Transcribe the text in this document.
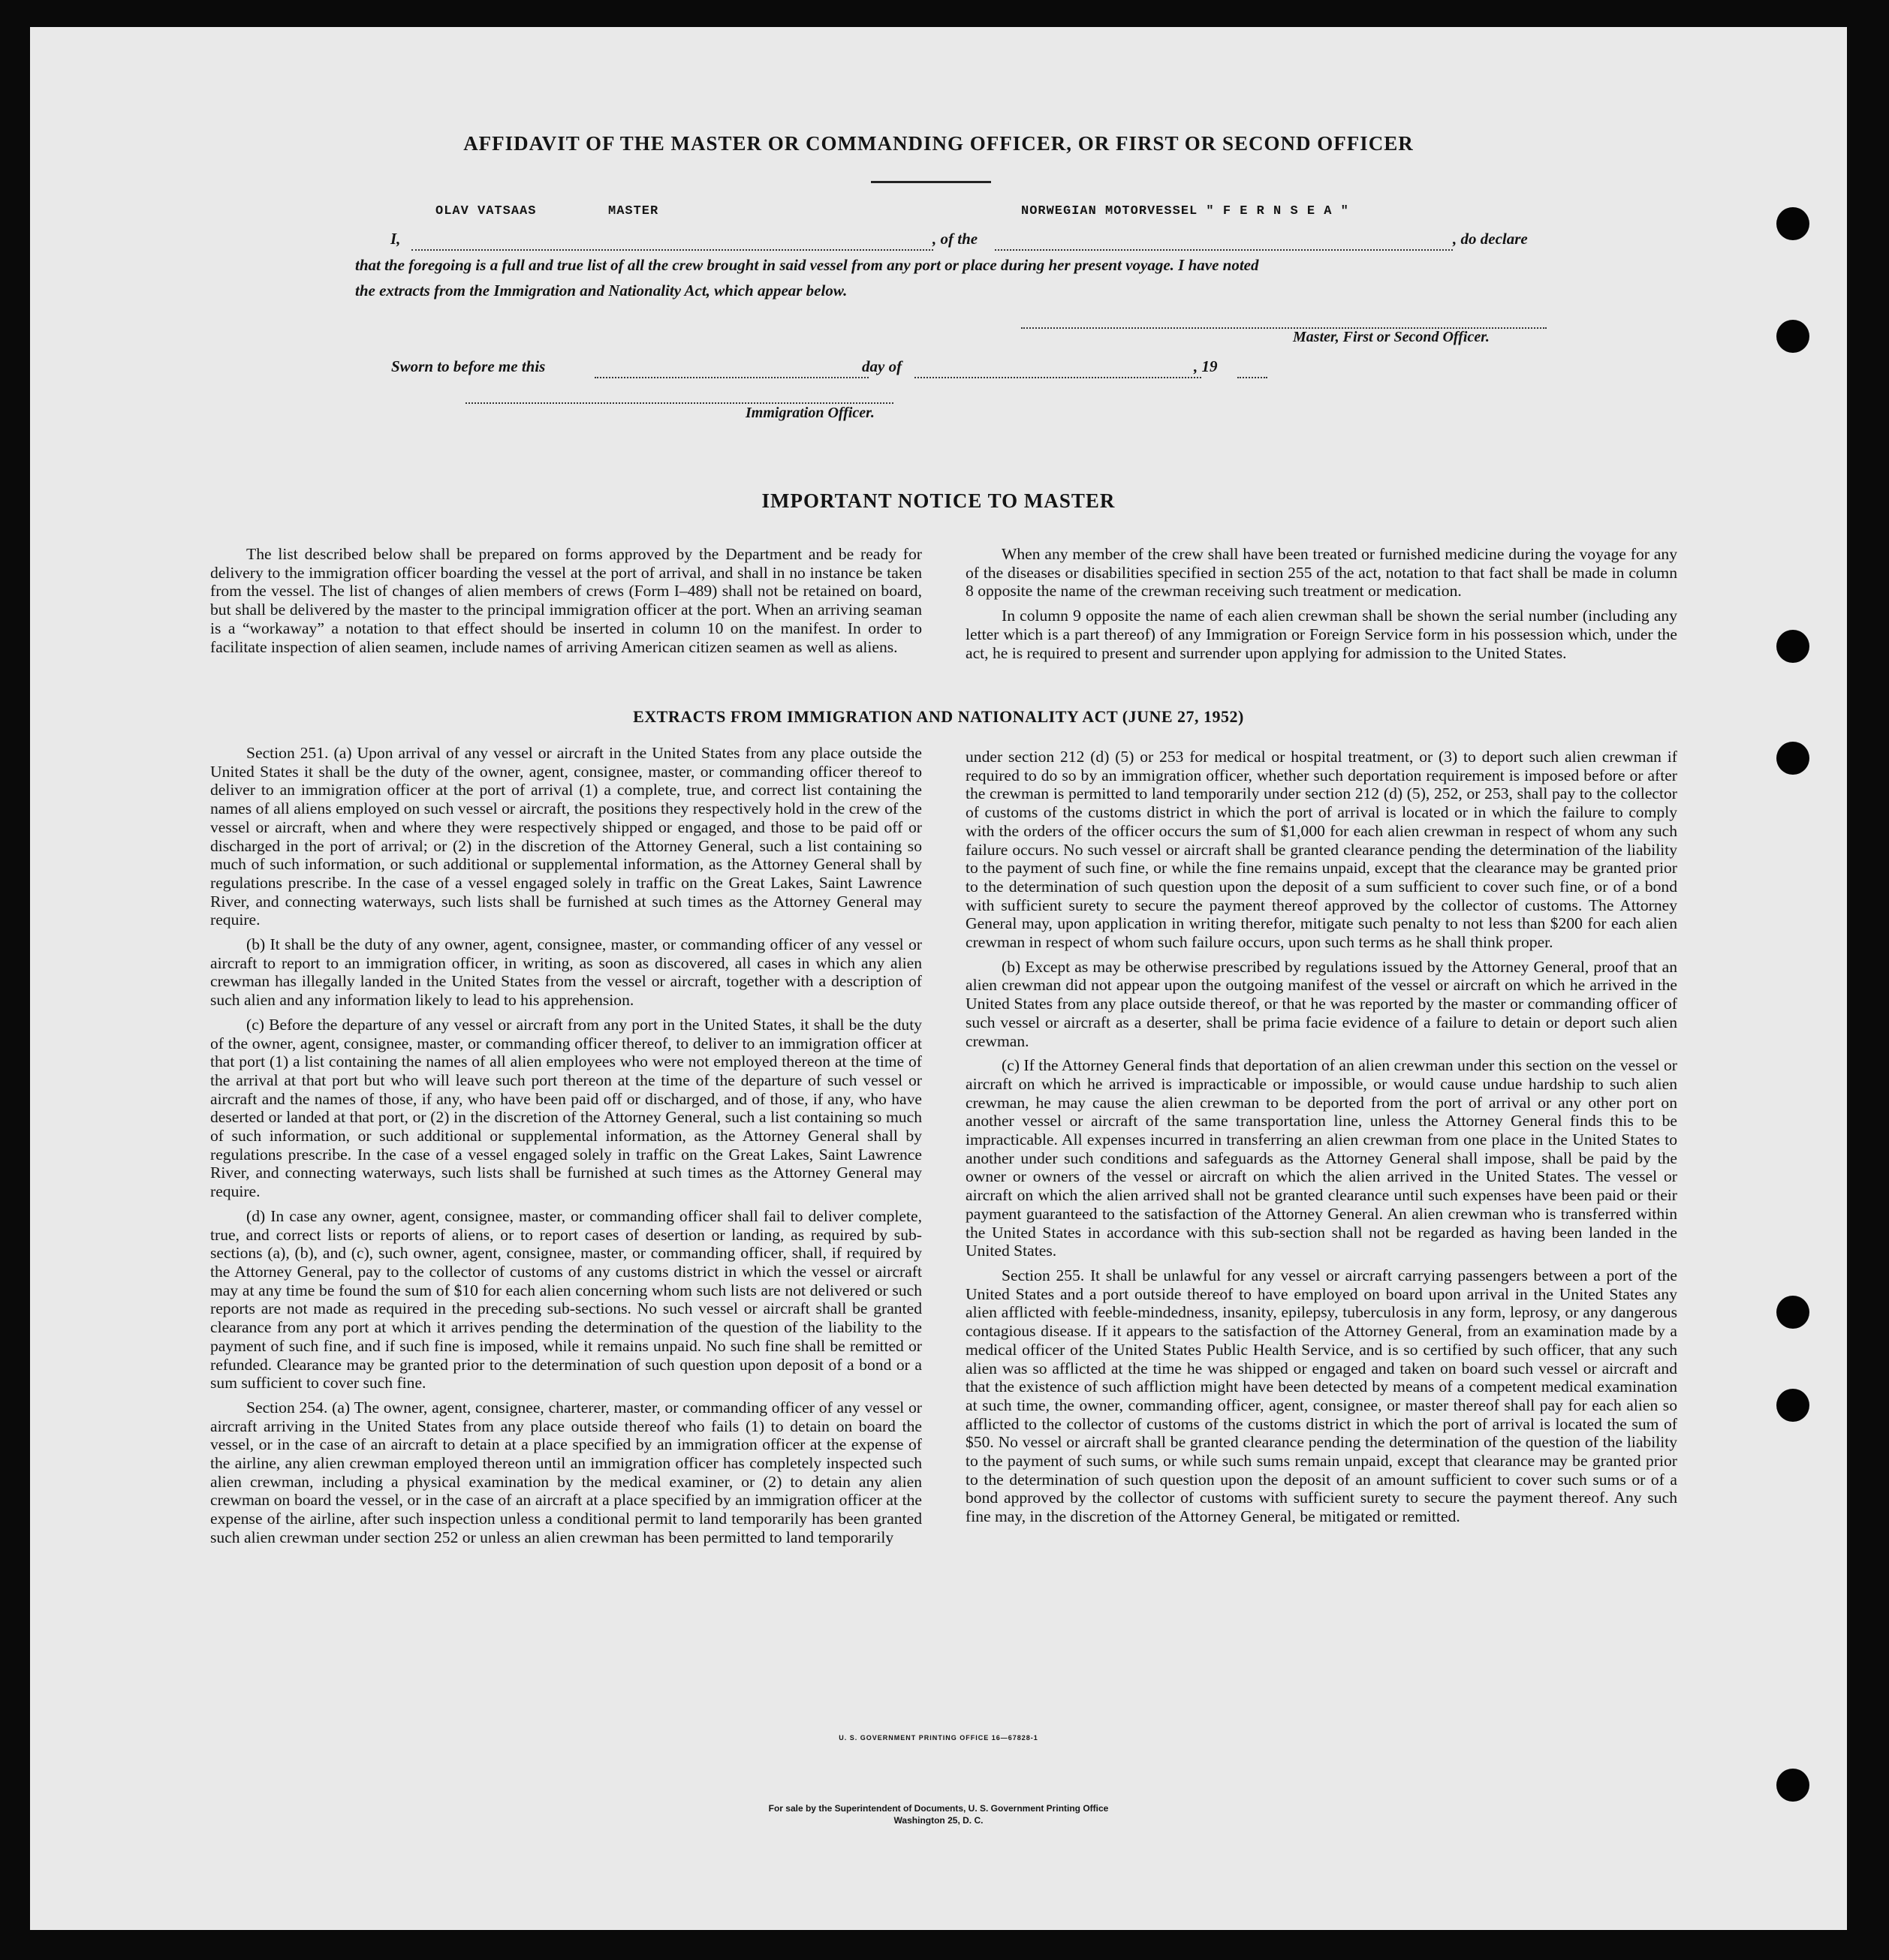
AFFIDAVIT OF THE MASTER OR COMMANDING OFFICER, OR FIRST OR SECOND OFFICER
I,
OLAV VATSAAS	MASTER
, of the
NORWEGIAN MOTORVESSEL " F E R N S E A "
, do declare
that the foregoing is a full and true list of all the crew brought in said vessel from any port or place during her present voyage. I have noted
the extracts from the Immigration and Nationality Act, which appear below.
Master, First or Second Officer.
Sworn to before me this	day of	, 19
Immigration Officer.
IMPORTANT NOTICE TO MASTER

The list described below shall be prepared on forms approved by the Department and be ready for delivery to the immigration officer boarding the vessel at the port of arrival, and shall in no instance be taken from the vessel. The list of changes of alien members of crews (Form I–489) shall not be retained on board, but shall be delivered by the master to the principal immigration officer at the port. When an arriving seaman is a “workaway” a notation to that effect should be inserted in column 10 on the manifest. In order to facilitate inspection of alien seamen, include names of arriving American citizen seamen as well as aliens.

When any member of the crew shall have been treated or furnished medicine during the voyage for any of the diseases or disabilities specified in section 255 of the act, notation to that fact shall be made in column 8 opposite the name of the crewman receiving such treatment or medication.

In column 9 opposite the name of each alien crewman shall be shown the serial number (including any letter which is a part thereof) of any Immigration or Foreign Service form in his possession which, under the act, he is required to present and surrender upon applying for admission to the United States.

EXTRACTS FROM IMMIGRATION AND NATIONALITY ACT (JUNE 27, 1952)

Section 251. (a) Upon arrival of any vessel or aircraft in the United States from any place outside the United States it shall be the duty of the owner, agent, consignee, master, or commanding officer thereof to deliver to an immigration officer at the port of arrival (1) a complete, true, and correct list containing the names of all aliens employed on such vessel or aircraft, the positions they respectively hold in the crew of the vessel or aircraft, when and where they were respectively shipped or engaged, and those to be paid off or discharged in the port of arrival; or (2) in the discretion of the Attorney General, such a list containing so much of such information, or such additional or supplemental information, as the Attorney General shall by regulations prescribe. In the case of a vessel engaged solely in traffic on the Great Lakes, Saint Lawrence River, and connecting waterways, such lists shall be furnished at such times as the Attorney General may require.

(b) It shall be the duty of any owner, agent, consignee, master, or commanding officer of any vessel or aircraft to report to an immigration officer, in writing, as soon as discovered, all cases in which any alien crewman has illegally landed in the United States from the vessel or aircraft, together with a description of such alien and any information likely to lead to his apprehension.

(c) Before the departure of any vessel or aircraft from any port in the United States, it shall be the duty of the owner, agent, consignee, master, or commanding officer thereof, to deliver to an immigration officer at that port (1) a list containing the names of all alien employees who were not employed thereon at the time of the arrival at that port but who will leave such port thereon at the time of the departure of such vessel or aircraft and the names of those, if any, who have been paid off or discharged, and of those, if any, who have deserted or landed at that port, or (2) in the discretion of the Attorney General, such a list containing so much of such information, or such additional or supplemental information, as the Attorney General shall by regulations prescribe. In the case of a vessel engaged solely in traffic on the Great Lakes, Saint Lawrence River, and connecting waterways, such lists shall be furnished at such times as the Attorney General may require.

(d) In case any owner, agent, consignee, master, or commanding officer shall fail to deliver complete, true, and correct lists or reports of aliens, or to report cases of desertion or landing, as required by sub-sections (a), (b), and (c), such owner, agent, consignee, master, or commanding officer, shall, if required by the Attorney General, pay to the collector of customs of any customs district in which the vessel or aircraft may at any time be found the sum of $10 for each alien concerning whom such lists are not delivered or such reports are not made as required in the preceding sub-sections. No such vessel or aircraft shall be granted clearance from any port at which it arrives pending the determination of the question of the liability to the payment of such fine, and if such fine is imposed, while it remains unpaid. No such fine shall be remitted or refunded. Clearance may be granted prior to the determination of such question upon deposit of a bond or a sum sufficient to cover such fine.

Section 254. (a) The owner, agent, consignee, charterer, master, or commanding officer of any vessel or aircraft arriving in the United States from any place outside thereof who fails (1) to detain on board the vessel, or in the case of an aircraft to detain at a place specified by an immigration officer at the expense of the airline, any alien crewman employed thereon until an immigration officer has completely inspected such alien crewman, including a physical examination by the medical examiner, or (2) to detain any alien crewman on board the vessel, or in the case of an aircraft at a place specified by an immigration officer at the expense of the airline, after such inspection unless a conditional permit to land temporarily has been granted such alien crewman under section 252 or unless an alien crewman has been permitted to land temporarily

under section 212 (d) (5) or 253 for medical or hospital treatment, or (3) to deport such alien crewman if required to do so by an immigration officer, whether such deportation requirement is imposed before or after the crewman is permitted to land temporarily under section 212 (d) (5), 252, or 253, shall pay to the collector of customs of the customs district in which the port of arrival is located or in which the failure to comply with the orders of the officer occurs the sum of $1,000 for each alien crewman in respect of whom any such failure occurs. No such vessel or aircraft shall be granted clearance pending the determination of the liability to the payment of such fine, or while the fine remains unpaid, except that the clearance may be granted prior to the determination of such question upon the deposit of a sum sufficient to cover such fine, or of a bond with sufficient surety to secure the payment thereof approved by the collector of customs. The Attorney General may, upon application in writing therefor, mitigate such penalty to not less than $200 for each alien crewman in respect of whom such failure occurs, upon such terms as he shall think proper.

(b) Except as may be otherwise prescribed by regulations issued by the Attorney General, proof that an alien crewman did not appear upon the outgoing manifest of the vessel or aircraft on which he arrived in the United States from any place outside thereof, or that he was reported by the master or commanding officer of such vessel or aircraft as a deserter, shall be prima facie evidence of a failure to detain or deport such alien crewman.

(c) If the Attorney General finds that deportation of an alien crewman under this section on the vessel or aircraft on which he arrived is impracticable or impossible, or would cause undue hardship to such alien crewman, he may cause the alien crewman to be deported from the port of arrival or any other port on another vessel or aircraft of the same transportation line, unless the Attorney General finds this to be impracticable. All expenses incurred in transferring an alien crewman from one place in the United States to another under such conditions and safeguards as the Attorney General shall impose, shall be paid by the owner or owners of the vessel or aircraft on which the alien arrived in the United States. The vessel or aircraft on which the alien arrived shall not be granted clearance until such expenses have been paid or their payment guaranteed to the satisfaction of the Attorney General. An alien crewman who is transferred within the United States in accordance with this sub-section shall not be regarded as having been landed in the United States.

Section 255. It shall be unlawful for any vessel or aircraft carrying passengers between a port of the United States and a port outside thereof to have employed on board upon arrival in the United States any alien afflicted with feeble-mindedness, insanity, epilepsy, tuberculosis in any form, leprosy, or any dangerous contagious disease. If it appears to the satisfaction of the Attorney General, from an examination made by a medical officer of the United States Public Health Service, and is so certified by such officer, that any such alien was so afflicted at the time he was shipped or engaged and taken on board such vessel or aircraft and that the existence of such affliction might have been detected by means of a competent medical examination at such time, the owner, commanding officer, agent, consignee, or master thereof shall pay for each alien so afflicted to the collector of customs of the customs district in which the port of arrival is located the sum of $50. No vessel or aircraft shall be granted clearance pending the determination of the question of the liability to the payment of such sums, or while such sums remain unpaid, except that clearance may be granted prior to the determination of such question upon the deposit of an amount sufficient to cover such sums or of a bond approved by the collector of customs with sufficient surety to secure the payment thereof. Any such fine may, in the discretion of the Attorney General, be mitigated or remitted.

U. S. GOVERNMENT PRINTING OFFICE 16—67828-1
For sale by the Superintendent of Documents, U. S. Government Printing Office
Washington 25, D. C.
